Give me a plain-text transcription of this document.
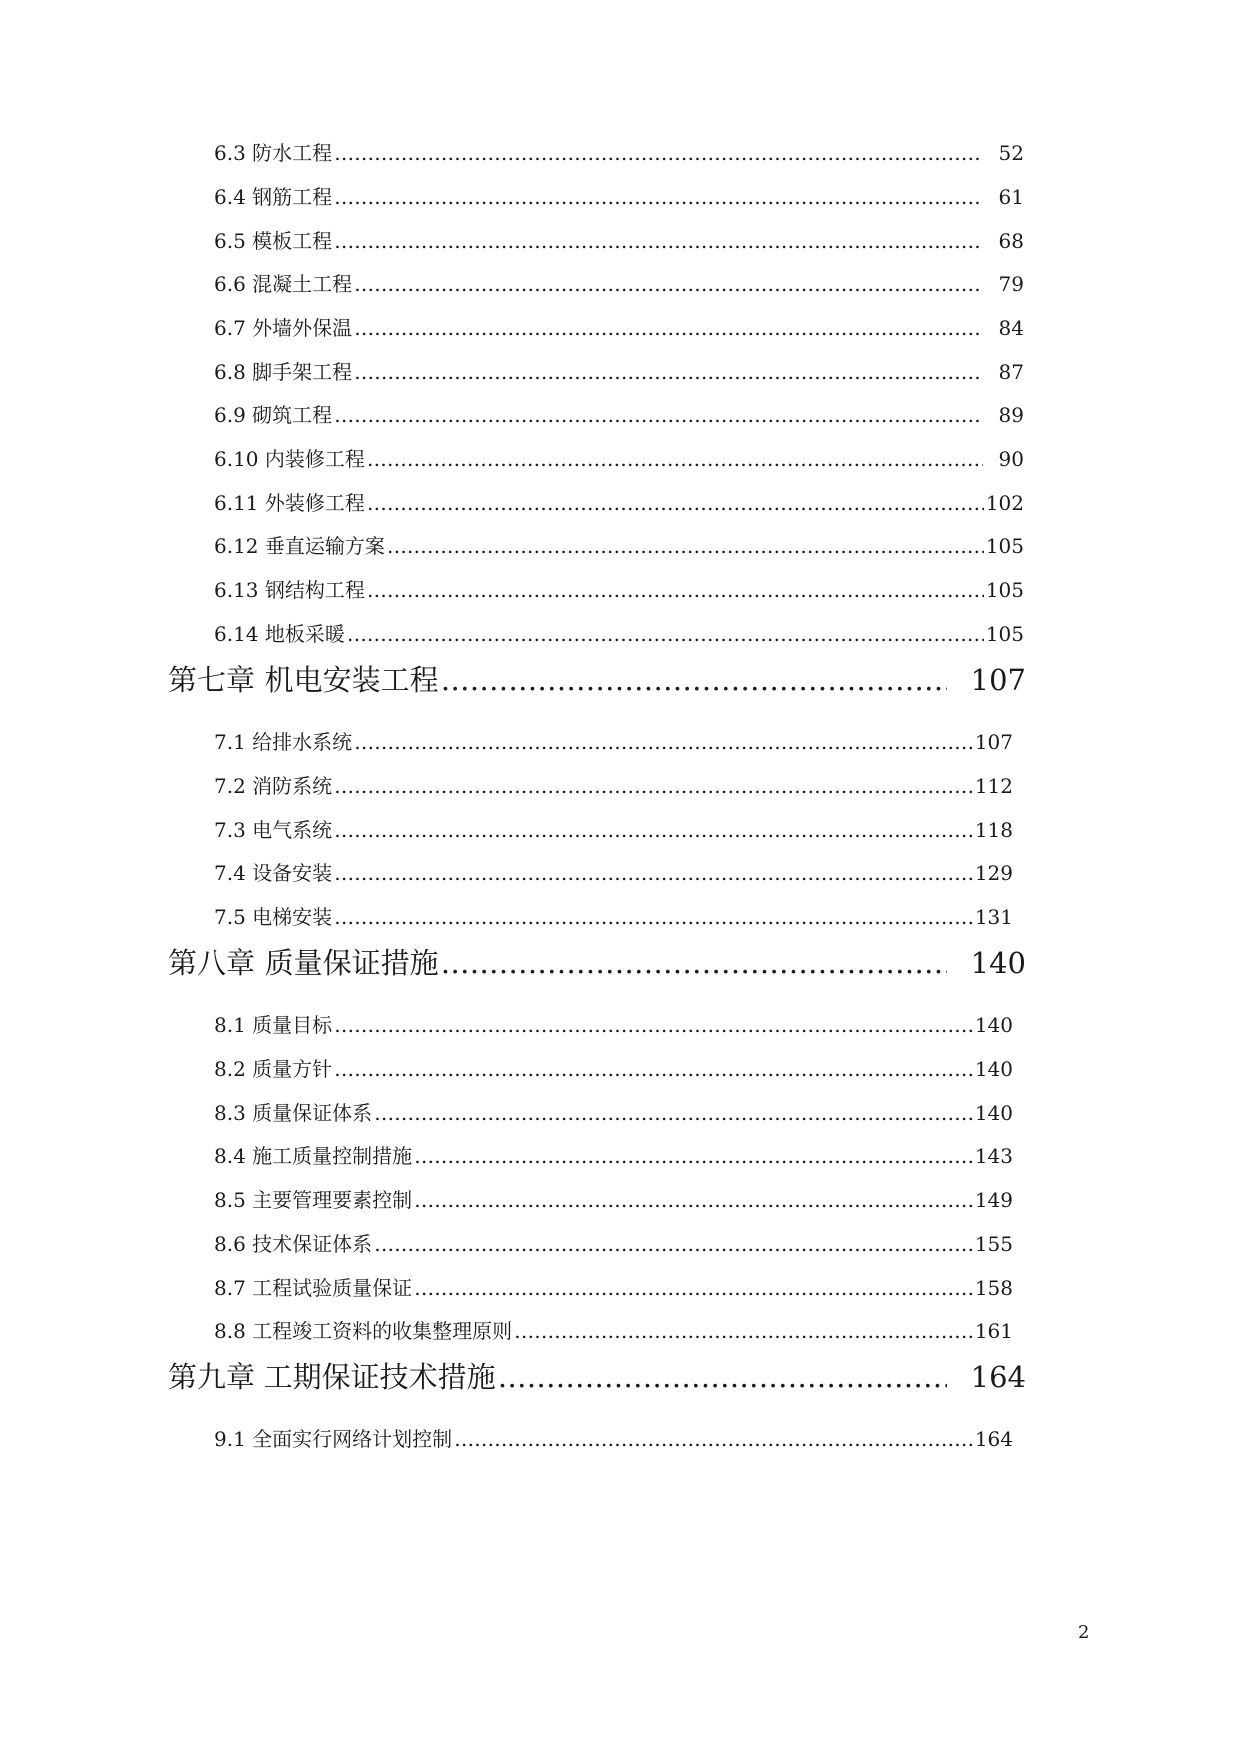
6.3 防水工程 …………………………………………………………………………………………………………………………………………………………………………………………………………	52
6.4 钢筋工程 …………………………………………………………………………………………………………………………………………………………………………………………………………	61
6.5 模板工程 …………………………………………………………………………………………………………………………………………………………………………………………………………	68
6.6 混凝土工程 …………………………………………………………………………………………………………………………………………………………………………………………………………	79
6.7 外墙外保温 …………………………………………………………………………………………………………………………………………………………………………………………………………	84
6.8 脚手架工程 …………………………………………………………………………………………………………………………………………………………………………………………………………	87
6.9 砌筑工程 …………………………………………………………………………………………………………………………………………………………………………………………………………	89
6.10 内装修工程 …………………………………………………………………………………………………………………………………………………………………………………………………………	90
6.11 外装修工程 …………………………………………………………………………………………………………………………………………………………………………………………………………	102
6.12 垂直运输方案 …………………………………………………………………………………………………………………………………………………………………………………………………………	105
6.13 钢结构工程 …………………………………………………………………………………………………………………………………………………………………………………………………………	105
6.14 地板采暖 …………………………………………………………………………………………………………………………………………………………………………………………………………	105
第七章 机电安装工程 …………………………………………………………………………………………………………………………………………………………………………………………………………	107
7.1 给排水系统 …………………………………………………………………………………………………………………………………………………………………………………………………………	107
7.2 消防系统 …………………………………………………………………………………………………………………………………………………………………………………………………………	112
7.3 电气系统 …………………………………………………………………………………………………………………………………………………………………………………………………………	118
7.4 设备安装 …………………………………………………………………………………………………………………………………………………………………………………………………………	129
7.5 电梯安装 …………………………………………………………………………………………………………………………………………………………………………………………………………	131
第八章 质量保证措施 …………………………………………………………………………………………………………………………………………………………………………………………………………	140
8.1 质量目标 …………………………………………………………………………………………………………………………………………………………………………………………………………	140
8.2 质量方针 …………………………………………………………………………………………………………………………………………………………………………………………………………	140
8.3 质量保证体系 …………………………………………………………………………………………………………………………………………………………………………………………………………	140
8.4 施工质量控制措施 …………………………………………………………………………………………………………………………………………………………………………………………………………	143
8.5 主要管理要素控制 …………………………………………………………………………………………………………………………………………………………………………………………………………	149
8.6 技术保证体系 …………………………………………………………………………………………………………………………………………………………………………………………………………	155
8.7 工程试验质量保证 …………………………………………………………………………………………………………………………………………………………………………………………………………	158
8.8 工程竣工资料的收集整理原则 …………………………………………………………………………………………………………………………………………………………………………………………………………	161
第九章 工期保证技术措施 …………………………………………………………………………………………………………………………………………………………………………………………………………	164
9.1 全面实行网络计划控制 …………………………………………………………………………………………………………………………………………………………………………………………………………	164
2
